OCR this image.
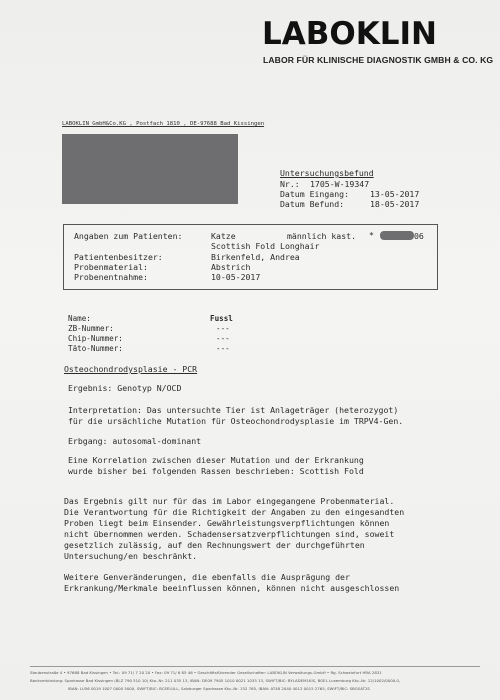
LABOKLIN
LABOR FÜR KLINISCHE DIAGNOSTIK GMBH & CO. KG
LABOKLIN GmbH&Co.KG , Postfach 1810 , DE-97688 Bad Kissingen
Untersuchungsbefund
Nr.: 1705-W-19347
Datum Eingang:	13-05-2017
Datum Befund:	18-05-2017
Angaben zum Patienten:	Katze	männlich kast. *	06
Scottish Fold Longhair
Patientenbesitzer:	Birkenfeld, Andrea
Probenmaterial:	Abstrich
Probenentnahme:	10-05-2017
Name:	Fussl
ZB-Nummer:	---
Chip-Nummer:	---
Täto-Nummer:	---
Osteochondrodysplasie - PCR
Ergebnis: Genotyp N/OCD
Interpretation: Das untersuchte Tier ist Anlageträger (heterozygot)
für die ursächliche Mutation für Osteochondrodysplasie im TRPV4-Gen.
Erbgang: autosomal-dominant
Eine Korrelation zwischen dieser Mutation und der Erkrankung
wurde bisher bei folgenden Rassen beschrieben: Scottish Fold
Das Ergebnis gilt nur für das im Labor eingegangene Probenmaterial.
Die Verantwortung für die Richtigkeit der Angaben zu den eingesandten
Proben liegt beim Einsender. Gewährleistungsverpflichtungen können
nicht übernommen werden. Schadensersatzverpflichtungen sind, soweit
gesetzlich zulässig, auf den Rechnungswert der durchgeführten
Untersuchung/en beschränkt.
Weitere Genveränderungen, die ebenfalls die Ausprägung der
Erkrankung/Merkmale beeinflussen können, können nicht ausgeschlossen
Steubenstraße 4 • 97688 Bad Kissingen • Tel.: 09 71/ 7 20 20 • Fax: 09 71/ 6 85 46 • Geschäftsführender Gesellschafter: LABOKLIN Verwaltungs-GmbH • Rg. Schweinfurt HRA 2831
Bankverbindung: Sparkasse Bad Kissingen (BLZ 790 510 10) Kto.-Nr. 211 035 13, IBAN: DE09 7905 1010 0021 1035 13, SWIFT/BIC: BYLADEM1KIS, BGEL Luxemburg Kto.-Nr. 12/1002/0000.0,
IBAN: LU56 0019 1007 0000 5000, SWIFT/BIC: BCEELULL, Salzburger Sparkasse Kto.-Nr. 152 765, IBAN: AT48 2040 4012 0015 2765, SWIFT/BIC: SBGSAT2S
